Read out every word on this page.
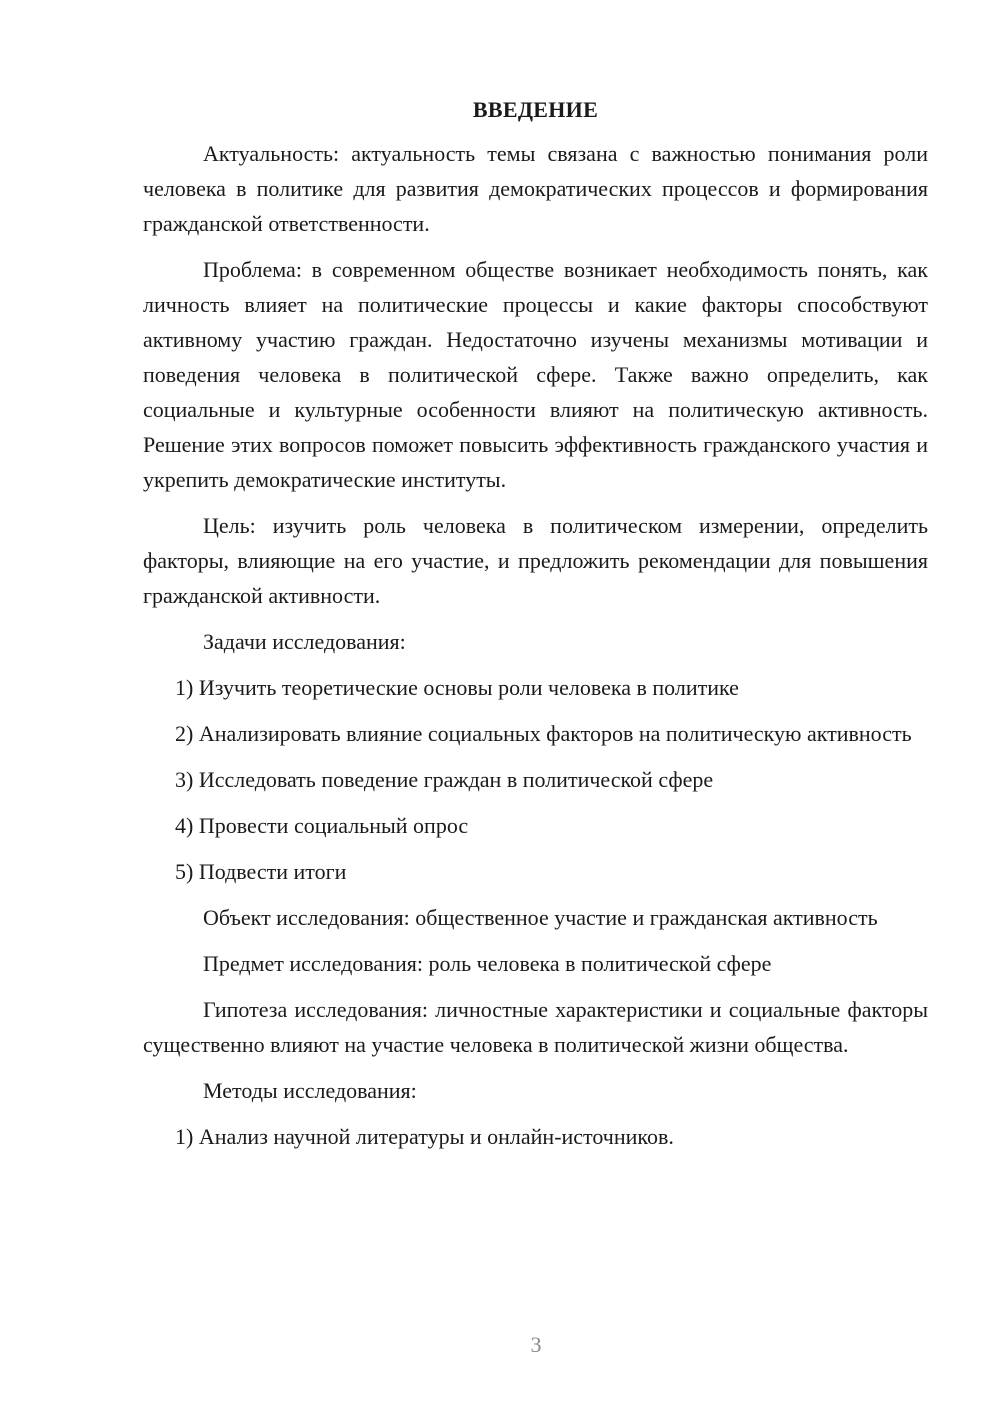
ВВЕДЕНИЕ

Актуальность: актуальность темы связана с важностью понимания роли человека в политике для развития демократических процессов и формирования гражданской ответственности.

Проблема: в современном обществе возникает необходимость понять, как личность влияет на политические процессы и какие факторы способствуют активному участию граждан. Недостаточно изучены механизмы мотивации и поведения человека в политической сфере. Также важно определить, как социальные и культурные особенности влияют на политическую активность. Решение этих вопросов поможет повысить эффективность гражданского участия и укрепить демократические институты.

Цель: изучить роль человека в политическом измерении, определить факторы, влияющие на его участие, и предложить рекомендации для повышения гражданской активности.

Задачи исследования:

1) Изучить теоретические основы роли человека в политике

2) Анализировать влияние социальных факторов на политическую активность

3) Исследовать поведение граждан в политической сфере

4) Провести социальный опрос

5) Подвести итоги

Объект исследования: общественное участие и гражданская активность

Предмет исследования: роль человека в политической сфере

Гипотеза исследования: личностные характеристики и социальные факторы существенно влияют на участие человека в политической жизни общества.

Методы исследования:

1) Анализ научной литературы и онлайн-источников.

3
